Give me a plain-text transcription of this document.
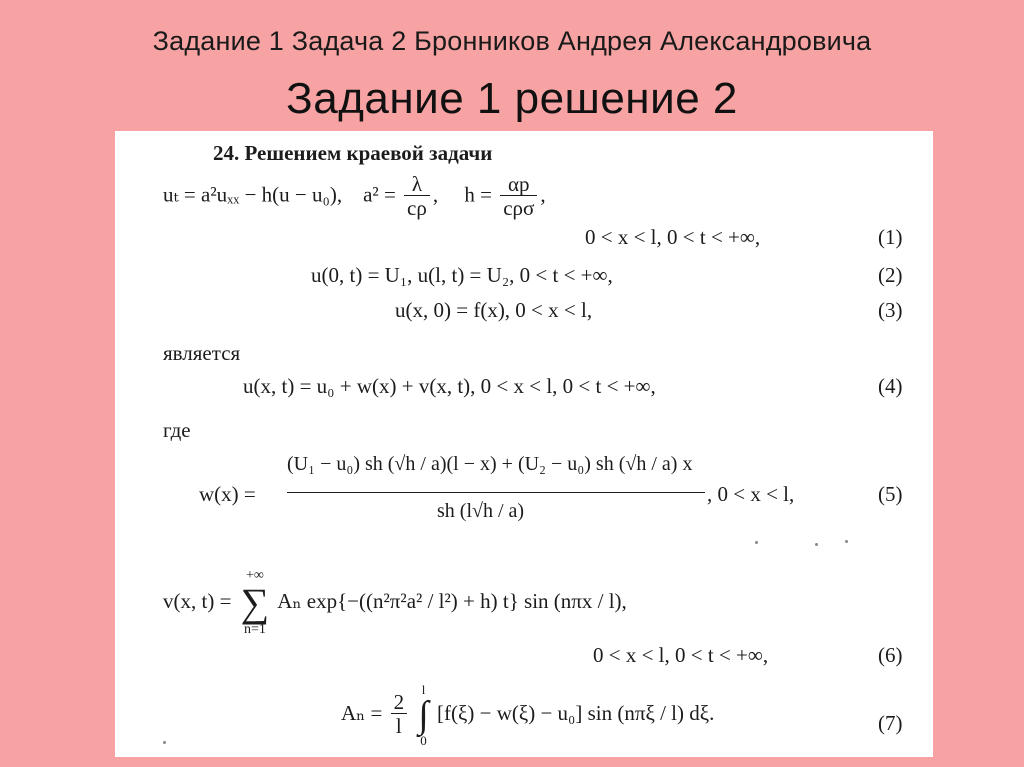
Задание 1 Задача 2 Бронников Андрея Александровича
Задание 1 решение 2
24. Решением краевой задачи
uₜ = a²uₓₓ − h(u − u₀), $a^2 = \frac{\lambda}{c\rho}$ ,     $h = \frac{\alpha p}{\text{cρσ}}$ ,
0 < x < l, 0 < t < +∞,	(1)
u(0, t) = U₁, u(l, t) = U₂, 0 < t < +∞,	(2)
u(x, 0) = f(x), 0 < x < l,	(3)
является
u(x, t) = u₀ + w(x) + v(x, t), 0 < x < l, 0 < t < +∞,	(4)
где
w(x) =
(U₁ − u₀) sh (√h / a)(l − x) + (U₂ − u₀) sh (√h / a) x
sh (l√h / a)
, 0 < x < l,	(5)
v(x, t) =
+∞
∑
n=1
Aₙ exp{−((n²π²a² / l²) + h) t} sin (nπx / l),
0 < x < l, 0 < t < +∞,	(6)
$A_n = \frac{2}{l}$

l
∫
0
[f(ξ) − w(ξ) − u₀] sin (nπξ / l) dξ.	(7)
